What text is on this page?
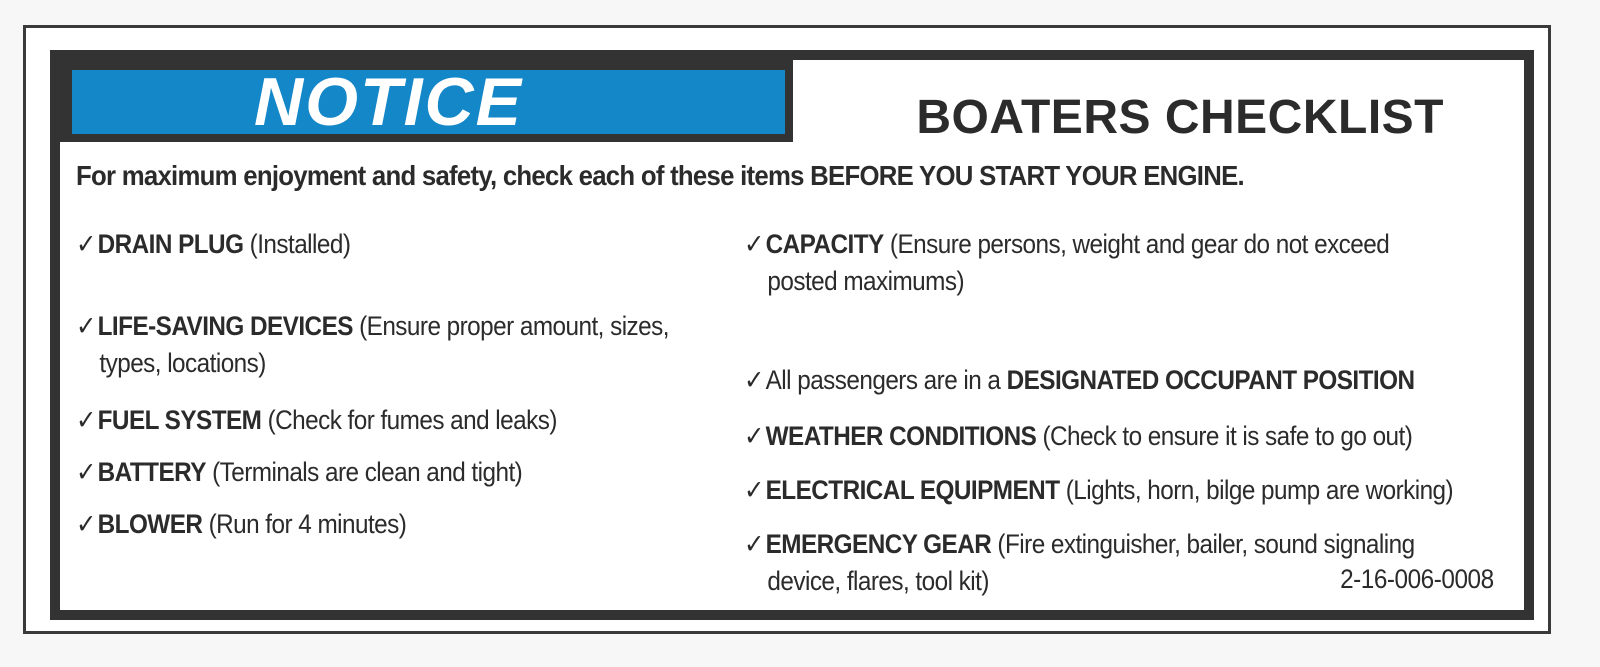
NOTICE	BOATERS CHECKLIST
For maximum enjoyment and safety, check each of these items BEFORE YOU START YOUR ENGINE.
✓DRAIN PLUG (Installed)
✓LIFE-SAVING DEVICES (Ensure proper amount, sizes,
types, locations)
✓FUEL SYSTEM (Check for fumes and leaks)
✓BATTERY (Terminals are clean and tight)
✓BLOWER (Run for 4 minutes)
✓CAPACITY (Ensure persons, weight and gear do not exceed
posted maximums)
✓All passengers are in a DESIGNATED OCCUPANT POSITION
✓WEATHER CONDITIONS (Check to ensure it is safe to go out)
✓ELECTRICAL EQUIPMENT (Lights, horn, bilge pump are working)
✓EMERGENCY GEAR (Fire extinguisher, bailer, sound signaling
device, flares, tool kit)	2-16-006-0008
